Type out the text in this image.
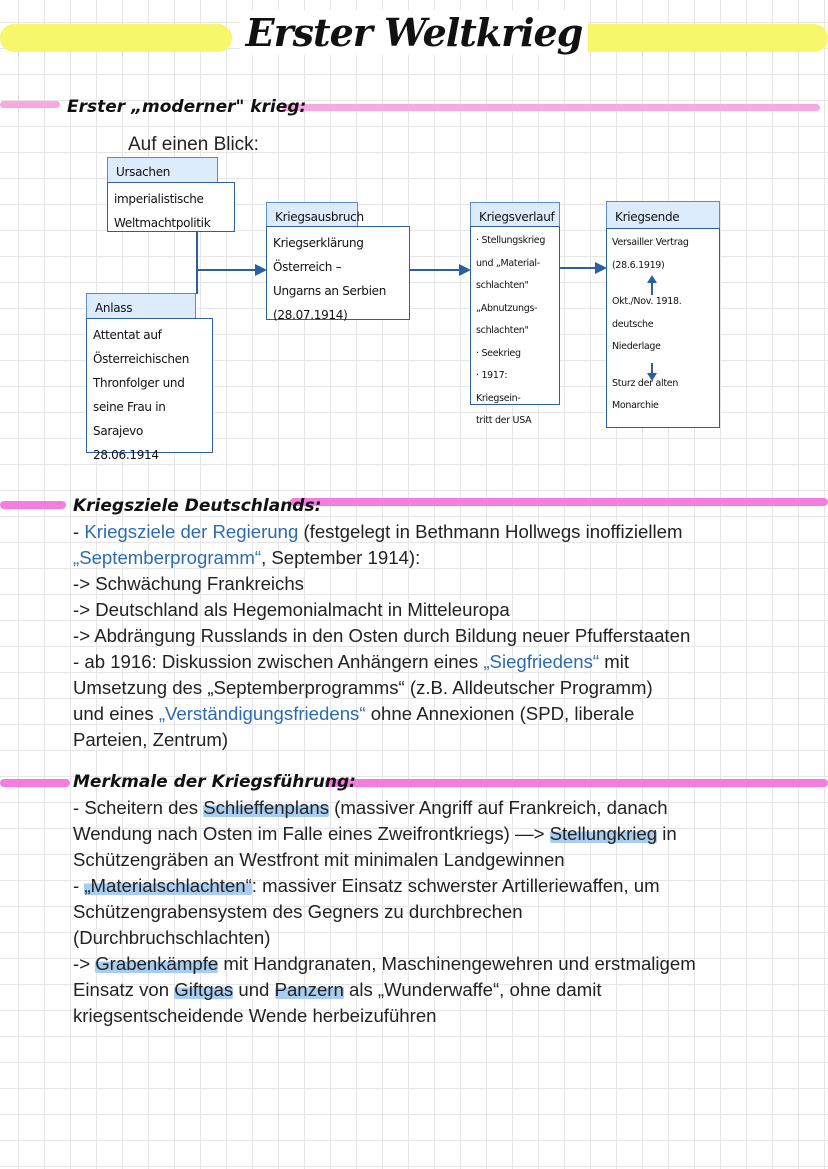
Erster Weltkrieg
Erster „moderner" krieg:
Auf einen Blick:
Ursachen
imperialistische
Weltmachtpolitik	Kriegsausbruch
Kriegserklärung
Österreich –
Ungarns an Serbien
(28.07.1914)
Anlass
Attentat auf
Österreichischen
Thronfolger und
seine Frau in
Sarajevo
28.06.1914
Kriegsverlauf
· Stellungskrieg
und „Material-
schlachten"
„Abnutzungs-
schlachten"
· Seekrieg
· 1917: Kriegsein-
tritt der USA
Kriegsende
Versailler Vertrag
(28.6.1919)
Okt./Nov. 1918.
deutsche
Niederlage
Sturz der alten
Monarchie
Kriegsziele Deutschlands:
- Kriegsziele der Regierung (festgelegt in Bethmann Hollwegs inoffiziellem
„Septemberprogramm“, September 1914):
-> Schwächung Frankreichs
-> Deutschland als Hegemonialmacht in Mitteleuropa
-> Abdrängung Russlands in den Osten durch Bildung neuer Pfufferstaaten
- ab 1916: Diskussion zwischen Anhängern eines „Siegfriedens“ mit
Umsetzung des „Septemberprogramms“ (z.B. Alldeutscher Programm)
und eines „Verständigungsfriedens“ ohne Annexionen (SPD, liberale
Parteien, Zentrum)
Merkmale der Kriegsführung:
- Scheitern des Schlieffenplans (massiver Angriff auf Frankreich, danach
Wendung nach Osten im Falle eines Zweifrontkriegs) —> Stellungkrieg in
Schützengräben an Westfront mit minimalen Landgewinnen
- „Materialschlachten“: massiver Einsatz schwerster Artilleriewaffen, um
Schützengrabensystem des Gegners zu durchbrechen
(Durchbruchschlachten)
-> Grabenkämpfe mit Handgranaten, Maschinengewehren und erstmaligem
Einsatz von Giftgas und Panzern als „Wunderwaffe“, ohne damit
kriegsentscheidende Wende herbeizuführen
